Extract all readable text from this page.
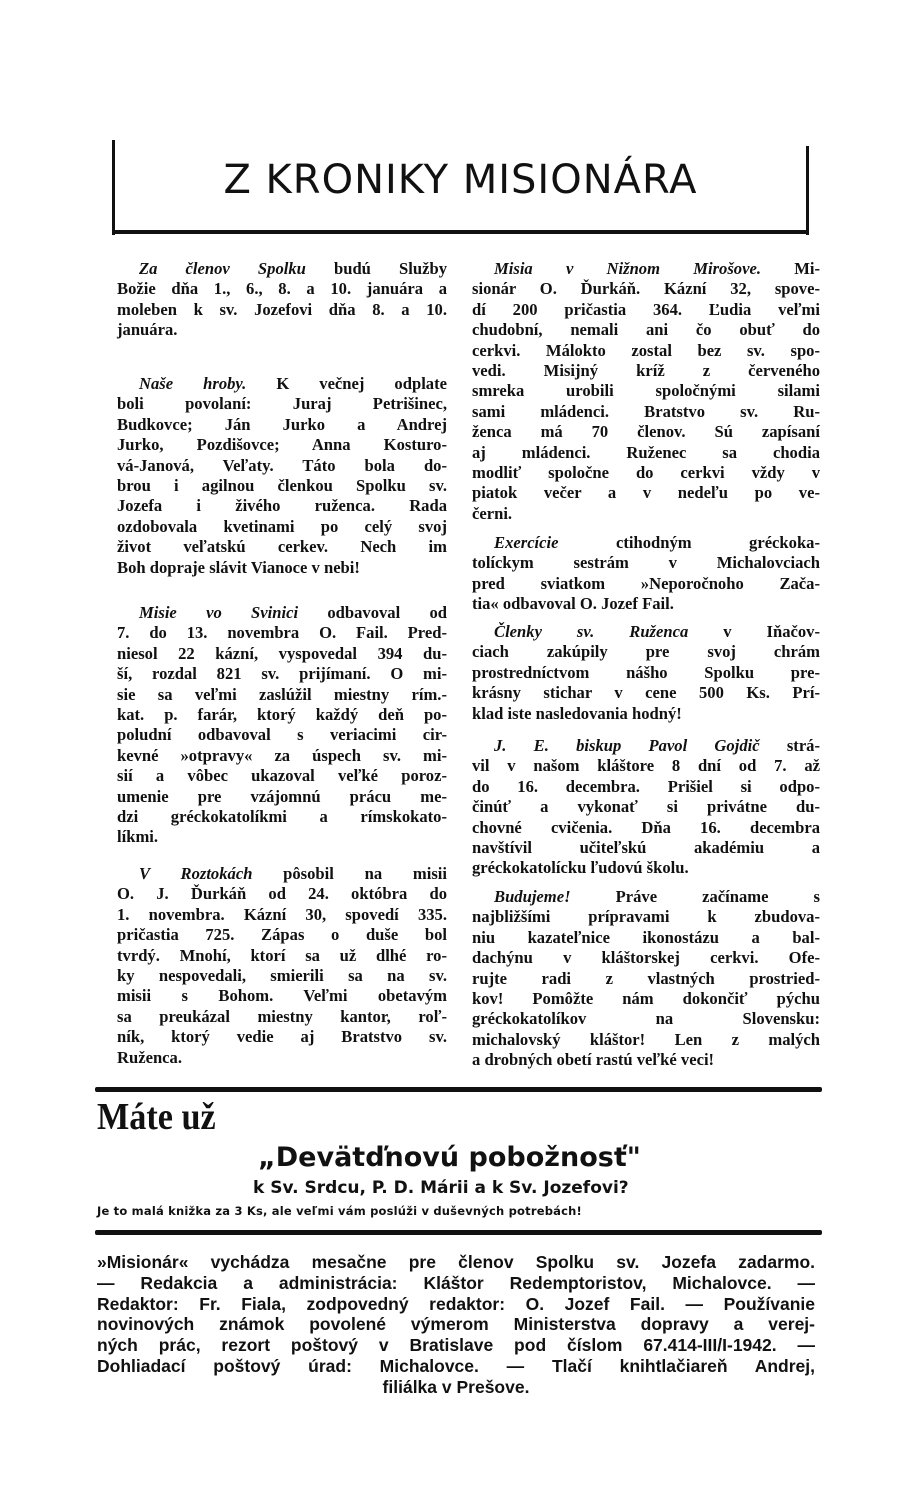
Z KRONIKY MISIONÁRA
Za členov Spolku budú Služby
Božie dňa 1., 6., 8. a 10. januára a
moleben k sv. Jozefovi dňa 8. a 10.
januára.
Naše hroby. K večnej odplate
boli povolaní: Juraj Petrišinec,
Budkovce; Ján Jurko a Andrej
Jurko, Pozdišovce; Anna Kosturo-
vá-Janová, Veľaty. Táto bola do-
brou i agilnou členkou Spolku sv.
Jozefa i živého ruženca. Rada
ozdobovala kvetinami po celý svoj
život veľatskú cerkev. Nech im
Boh dopraje slávit Vianoce v nebi!
Misie vo Svinici odbavoval od
7. do 13. novembra O. Fail. Pred-
niesol 22 kázní, vyspovedal 394 du-
ší, rozdal 821 sv. prijímaní. O mi-
sie sa veľmi zaslúžil miestny rím.-
kat. p. farár, ktorý každý deň po-
poludní odbavoval s veriacimi cir-
kevné »otpravy« za úspech sv. mi-
sií a vôbec ukazoval veľké poroz-
umenie pre vzájomnú prácu me-
dzi gréckokatolíkmi a rímskokato-
líkmi.
V Roztokách pôsobil na misii
O. J. Ďurkáň od 24. októbra do
1. novembra. Kázní 30, spovedí 335.
pričastia 725. Zápas o duše bol
tvrdý. Mnohí, ktorí sa už dlhé ro-
ky nespovedali, smierili sa na sv.
misii s Bohom. Veľmi obetavým
sa preukázal miestny kantor, roľ-
ník, ktorý vedie aj Bratstvo sv.
Ruženca.
Misia v Nižnom Mirošove. Mi-
sionár O. Ďurkáň. Kázní 32, spove-
dí 200 pričastia 364. Ľudia veľmi
chudobní, nemali ani čo obuť do
cerkvi. Málokto zostal bez sv. spo-
vedi. Misijný kríž z červeného
smreka urobili spoločnými silami
sami mládenci. Bratstvo sv. Ru-
ženca má 70 členov. Sú zapísaní
aj mládenci. Ruženec sa chodia
modliť spoločne do cerkvi vždy v
piatok večer a v nedeľu po ve-
černi.
Exercície ctihodným gréckoka-
tolíckym sestrám v Michalovciach
pred sviatkom »Neporočnoho Zača-
tia« odbavoval O. Jozef Fail.
Členky sv. Ruženca v Iňačov-
ciach zakúpily pre svoj chrám
prostredníctvom nášho Spolku pre-
krásny stichar v cene 500 Ks. Prí-
klad iste nasledovania hodný!
J. E. biskup Pavol Gojdič strá-
vil v našom kláštore 8 dní od 7. až
do 16. decembra. Prišiel si odpo-
činúť a vykonať si privátne du-
chovné cvičenia. Dňa 16. decembra
navštívil učiteľskú akadémiu a
gréckokatolícku ľudovú školu.
Budujeme! Práve začíname s
najbližšími prípravami k zbudova-
niu kazateľnice ikonostázu a bal-
dachýnu v kláštorskej cerkvi. Ofe-
rujte radi z vlastných prostried-
kov! Pomôžte nám dokončiť pýchu
gréckokatolíkov na Slovensku:
michalovský kláštor! Len z malých
a drobných obetí rastú veľké veci!
Máte už
„Devätďnovú pobožnosť"
k Sv. Srdcu, P. D. Márii a k Sv. Jozefovi?
Je to malá knižka za 3 Ks, ale veľmi vám poslúži v duševných potrebách!
»Misionár« vychádza mesačne pre členov Spolku sv. Jozefa zadarmo.
— Redakcia a administrácia: Kláštor Redemptoristov, Michalovce. —
Redaktor: Fr. Fiala, zodpovedný redaktor: O. Jozef Fail. — Používanie
novinových známok povolené výmerom Ministerstva dopravy a verej-
ných prác, rezort poštový v Bratislave pod číslom 67.414-III/I-1942. —
Dohliadací poštový úrad: Michalovce. — Tlačí knihtlačiareň Andrej,
filiálka v Prešove.
